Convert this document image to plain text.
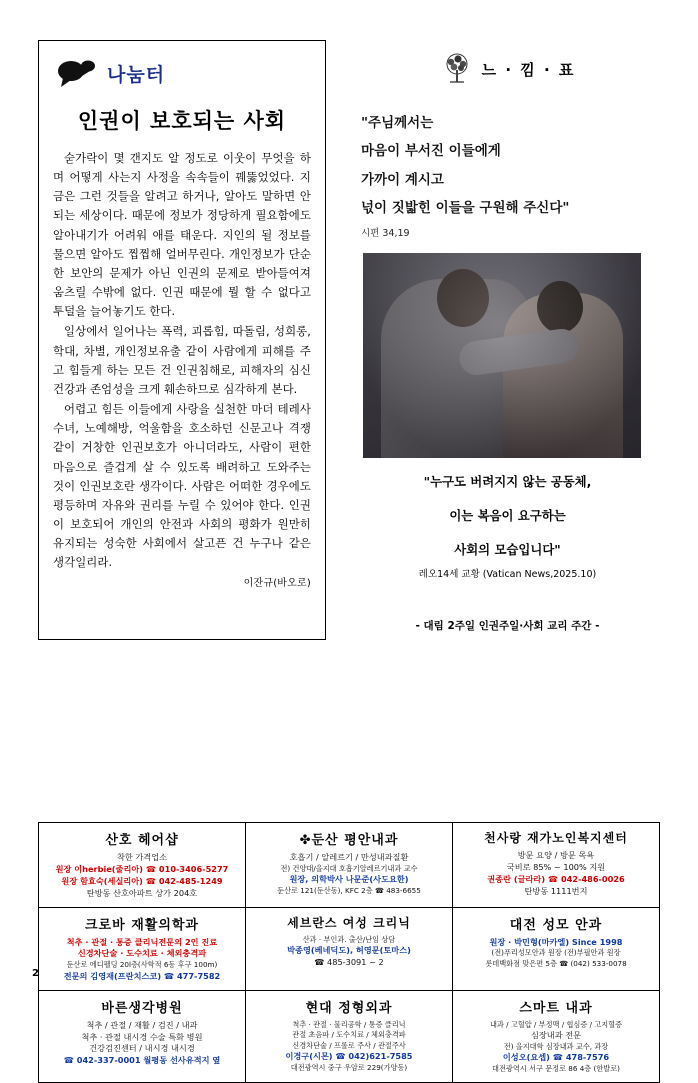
나눔터
인권이 보호되는 사회

숟가락이 몇 갠지도 알 정도로 이웃이 무엇을 하며 어떻게 사는지 사정을 속속들이 꿰뚫었었다. 지금은 그런 것들을 알려고 하거나, 알아도 말하면 안 되는 세상이다. 때문에 정보가 정당하게 필요함에도 알아내기가 어려워 애를 태운다. 지인의 될 정보를 물으면 알아도 찝찝해 얼버무린다. 개인정보가 단순한 보안의 문제가 아닌 인권의 문제로 받아들여져 움츠릴 수밖에 없다. 인권 때문에 뭘 할 수 없다고 투덜을 늘어놓기도 한다.

일상에서 일어나는 폭력, 괴롭힘, 따돌림, 성희롱, 학대, 차별, 개인정보유출 같이 사람에게 피해를 주고 힘들게 하는 모든 건 인권침해로, 피해자의 심신 건강과 존엄성을 크게 훼손하므로 심각하게 본다.

어렵고 힘든 이들에게 사랑을 실천한 마더 테레사 수녀, 노예해방, 억울함을 호소하던 신문고나 격쟁 같이 거창한 인권보호가 아니더라도, 사람이 편한 마음으로 즐겁게 살 수 있도록 배려하고 도와주는 것이 인권보호란 생각이다. 사람은 어떠한 경우에도 평등하며 자유와 권리를 누릴 수 있어야 한다. 인권이 보호되어 개인의 안전과 사회의 평화가 원만히 유지되는 성숙한 사회에서 살고픈 건 누구나 같은 생각일리라.

이잔규(바오로)
느 · 낌 · 표
"주님께서는
마음이 부서진 이들에게
가까이 계시고
넋이 짓밟힌 이들을 구원해 주신다"
시편 34,19
"누구도 버려지지 않는 공동체,
이는 복음이 요구하는
사회의 모습입니다"
레오14세 교황 (Vatican News,2025.10)
- 대림 2주일 인권주일·사회 교리 주간 -
산호 헤어샵
착한 가격업소
원장 이herbie(줄리아) ☎ 010-3406-5277
원장 함효숙(세실리아) ☎ 042-485-1249
탄방동 산호아파트 상가 204호

✤둔산 평안내과
호흡기 / 알레르기 / 만성내과질환
전) 건양대/을지대 호흡기알레르기내과 교수
원장, 의학박사 나문준(사도요한)
둔산로 121(둔산동), KFC 2층 ☎ 483-6655

천사랑 재가노인복지센터
방문 요양 / 방문 목욕
국비로 85% ~ 100% 지원
권종란 (글라라) ☎ 042-486-0026
탄방동 1111번지

크로바 재활의학과
척추 · 관절 · 통증 클리닉전문의 2인 진료
신경차단술 · 도수치료 · 체외충격파
둔산로 에디펠딩 20l층(사학적 6동 후구 100m)
전문의 김영재(프란치스코) ☎ 477-7582

세브란스 여성 크리닉
산과 · 부인과. 출산/난임 상담
박종영(베네딕도), 허영문(토마스)
☎ 485-3091 ~ 2

대전 성모 안과
원장 · 박민형(마카엘) Since 1998
(전)푸리성모안과 원장 (전)부필안과 원장
롯데백화점 맞은편 5층 ☎ (042) 533-0078

바른생각병원
척추 / 관절 / 재활 / 검진 / 내과
척추 · 관절 내시경 수술 특화 병원
건강검진센터 / 내시경 내시경
☎ 042-337-0001 월평동 선사유적지 옆

현대 정형외과
척추 · 관절 · 물리공학 / 통증 클리닉
관절 초음파 / 도수치료 / 체외충격파
신경차단술 / 프롤로 주사 / 관절주사
이경구(시몬) ☎ 042)621-7585
대전광역시 중구 우암로 229(가양동)

스마트 내과
내과 / 고혈압 / 부정맥 / 협심증 / 고지혈증
심장내과 전문
전) 을지대학 심장내과 교수, 과장
이성오(요셉) ☎ 478-7576
대전광역시 서구 문정로 86 4층 (한발로)
2
